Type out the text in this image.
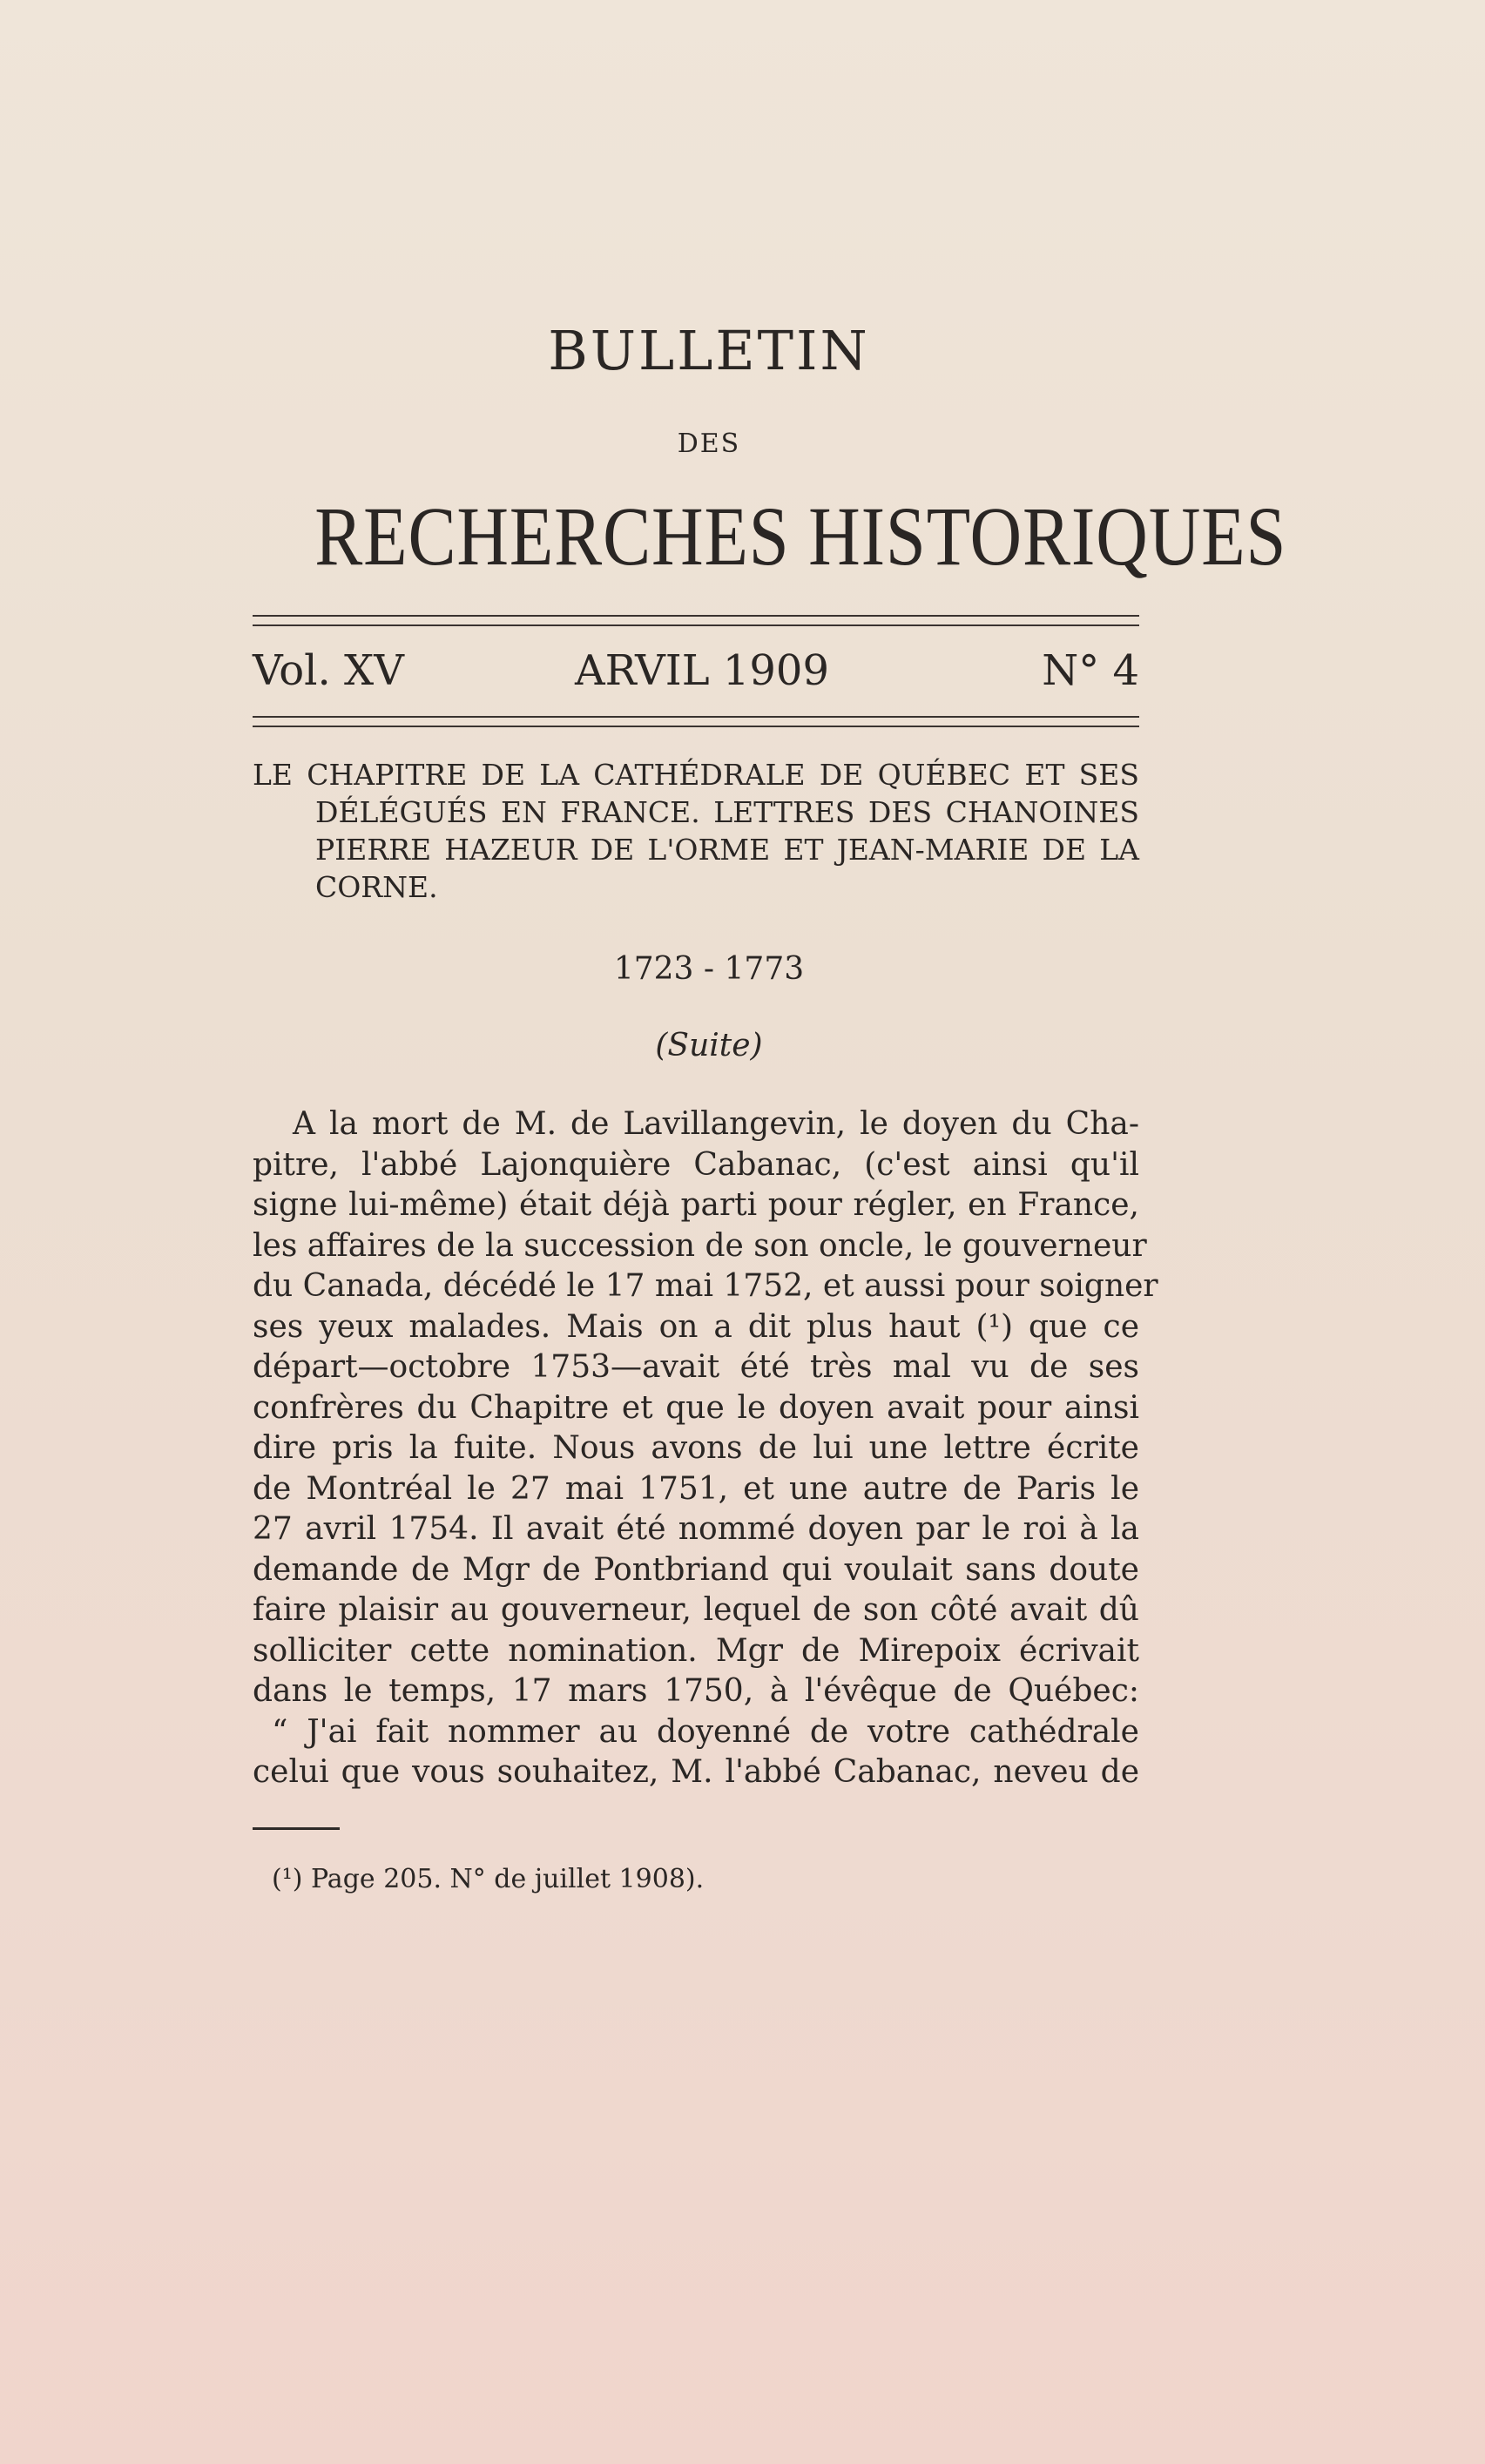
BULLETIN
DES
RECHERCHES HISTORIQUES
Vol. XV	ARVIL 1909	N° 4

LE CHAPITRE DE LA CATHÉDRALE DE QUÉBEC ET SES DÉLÉGUÉS EN FRANCE. LETTRES DES CHANOINES PIERRE HAZEUR DE L'ORME ET JEAN-MARIE DE LA CORNE.

1723 - 1773
(Suite)
A la mort de M. de Lavillangevin, le doyen du Cha-
pitre, l'abbé Lajonquière Cabanac, (c'est ainsi qu'il
signe lui-même) était déjà parti pour régler, en France,
les affaires de la succession de son oncle, le gouverneur
du Canada, décédé le 17 mai 1752, et aussi pour soigner
ses yeux malades. Mais on a dit plus haut (¹) que ce
départ—octobre 1753—avait été très mal vu de ses
confrères du Chapitre et que le doyen avait pour ainsi
dire pris la fuite. Nous avons de lui une lettre écrite
de Montréal le 27 mai 1751, et une autre de Paris le
27 avril 1754. Il avait été nommé doyen par le roi à la
demande de Mgr de Pontbriand qui voulait sans doute
faire plaisir au gouverneur, lequel de son côté avait dû
solliciter cette nomination. Mgr de Mirepoix écrivait
dans le temps, 17 mars 1750, à l'évêque de Québec:
“ J'ai fait nommer au doyenné de votre cathédrale
celui que vous souhaitez, M. l'abbé Cabanac, neveu de
(¹) Page 205. N° de juillet 1908).
